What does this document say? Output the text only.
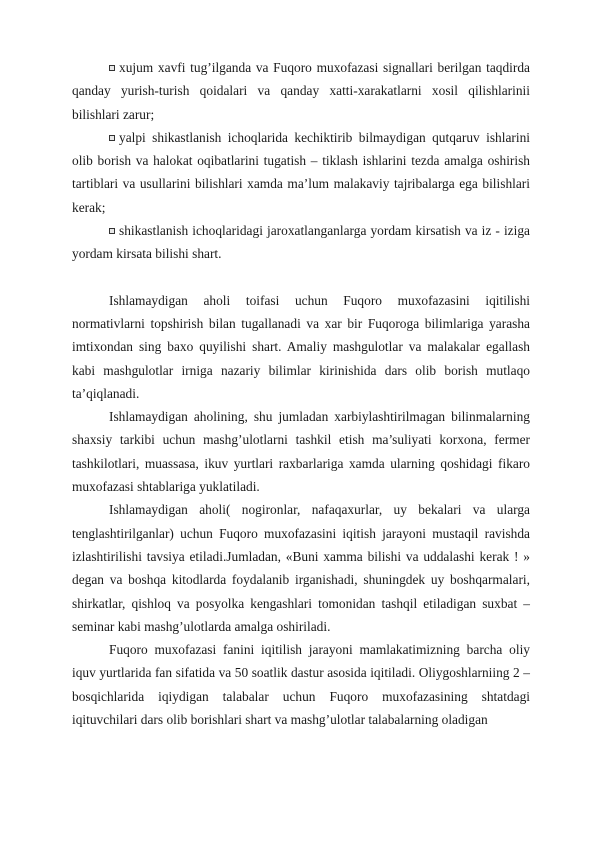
xujum xavfi tug’ilganda va Fuqoro muxofazasi signallari berilgan taqdirda qanday yurish-turish qoidalari va qanday xatti-xarakatlarni xosil qilishlarinii bilishlari zarur;

yalpi shikastlanish ichoqlarida kechiktirib bilmaydigan qutqaruv ishlarini olib borish va halokat oqibatlarini tugatish – tiklash ishlarini tezda amalga oshirish tartiblari va usullarini bilishlari xamda ma’lum malakaviy tajribalarga ega bilishlari kerak;

shikastlanish ichoqlaridagi jaroxatlanganlarga yordam kirsatish va iz - iziga yordam kirsata bilishi shart.

Ishlamaydigan aholi toifasi uchun Fuqoro muxofazasini iqitilishi normativlarni topshirish bilan tugallanadi va xar bir Fuqoroga bilimlariga yarasha imtixondan sing baxo quyilishi shart. Amaliy mashgulotlar va malakalar egallash kabi mashgulotlar irniga nazariy bilimlar kirinishida dars olib borish mutlaqo ta’qiqlanadi.

Ishlamaydigan aholining, shu jumladan xarbiylashtirilmagan bilinmalarning shaxsiy tarkibi uchun mashg’ulotlarni tashkil etish ma’suliyati korxona, fermer tashkilotlari, muassasa, ikuv yurtlari raxbarlariga xamda ularning qoshidagi fikaro muxofazasi shtablariga yuklatiladi.

Ishlamaydigan aholi( nogironlar, nafaqaxurlar, uy bekalari va ularga tenglashtirilganlar) uchun Fuqoro muxofazasini iqitish jarayoni mustaqil ravishda izlashtirilishi tavsiya etiladi.Jumladan, «Buni xamma bilishi va uddalashi kerak ! » degan va boshqa kitodlarda foydalanib irganishadi, shuningdek uy boshqarmalari, shirkatlar, qishloq va posyolka kengashlari tomonidan tashqil etiladigan suxbat – seminar kabi mashg’ulotlarda amalga oshiriladi.

Fuqoro muxofazasi fanini iqitilish jarayoni mamlakatimizning barcha oliy iquv yurtlarida fan sifatida va 50 soatlik dastur asosida iqitiladi. Oliygoshlarniing 2 – bosqichlarida iqiydigan talabalar uchun Fuqoro muxofazasining shtatdagi iqituvchilari dars olib borishlari shart va mashg’ulotlar talabalarning oladigan
